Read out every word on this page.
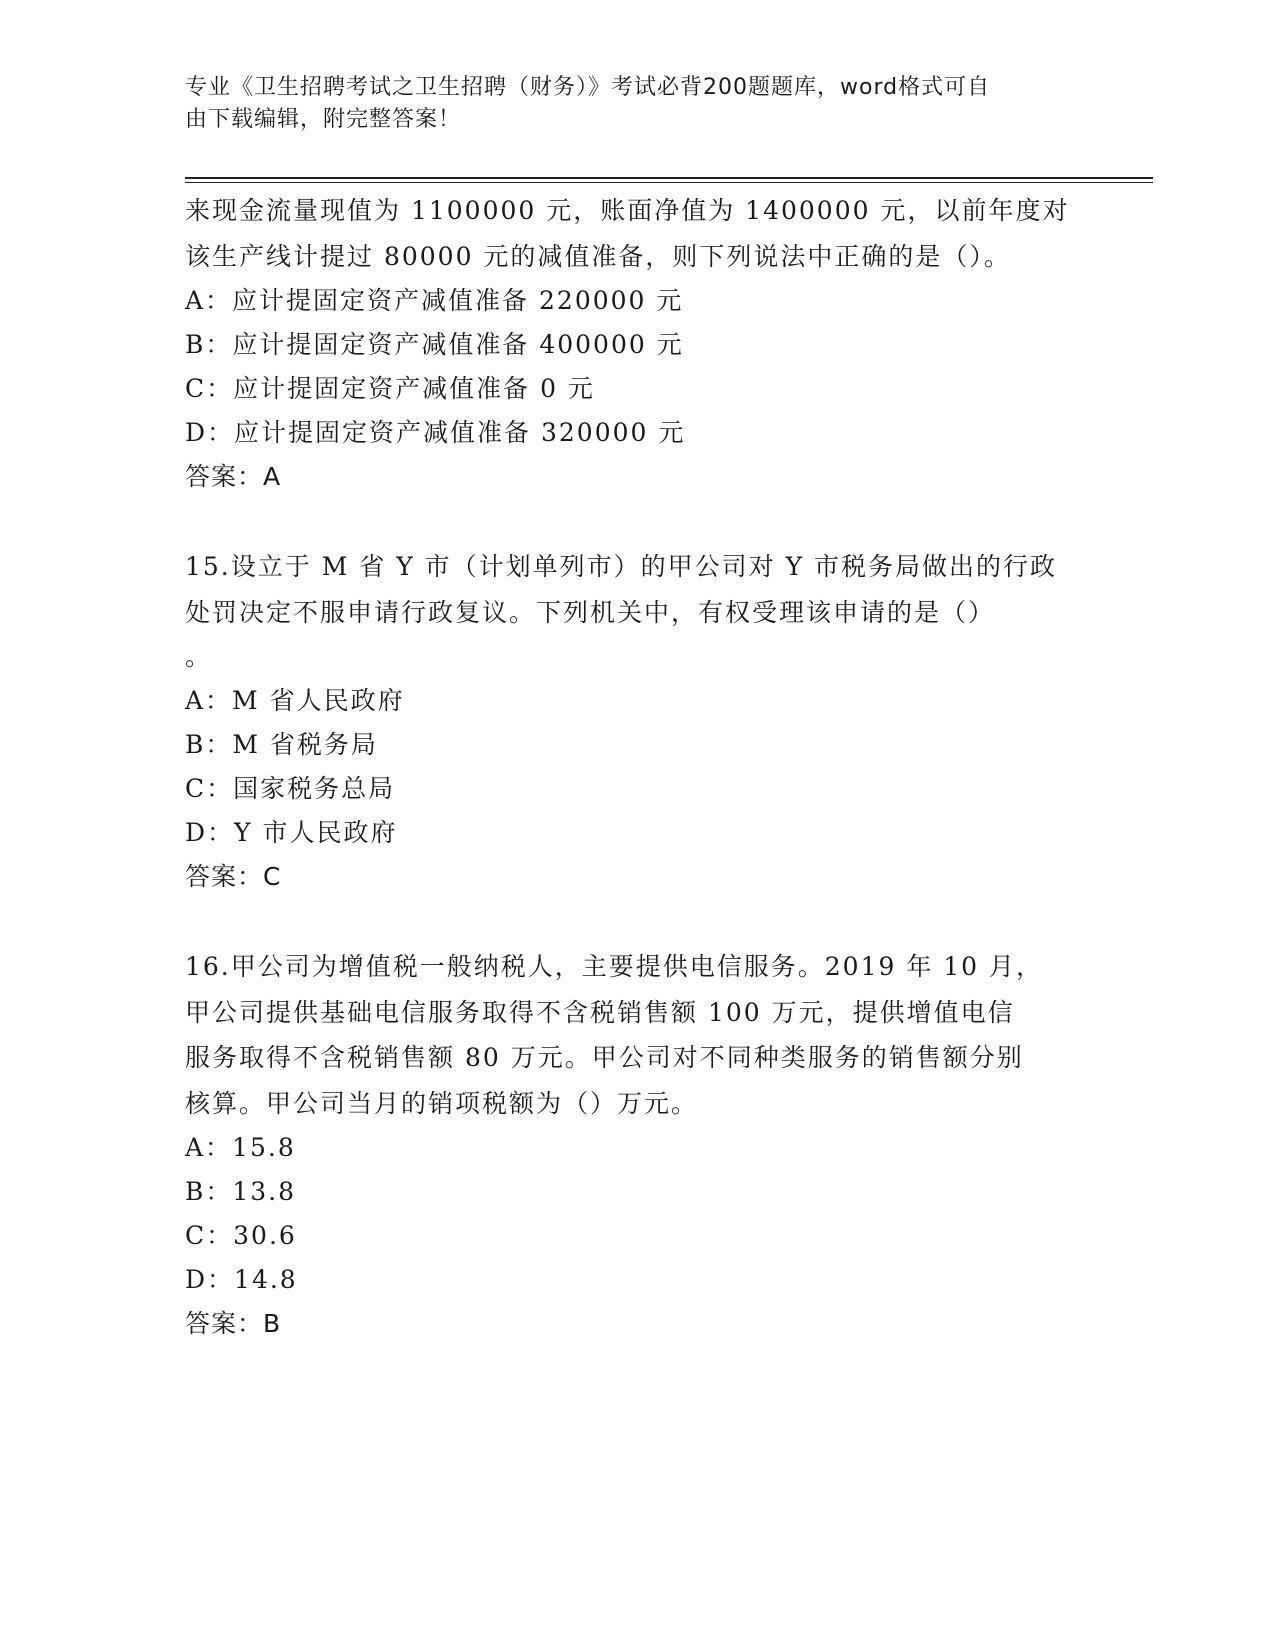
专业《卫生招聘考试之卫生招聘（财务）》考试必背200题题库，word格式可自
由下载编辑，附完整答案！
来现金流量现值为 1100000 元，账面净值为 1400000 元，以前年度对
该生产线计提过 80000 元的减值准备，则下列说法中正确的是（）。
A：应计提固定资产减值准备 220000 元
B：应计提固定资产减值准备 400000 元
C：应计提固定资产减值准备 0 元
D：应计提固定资产减值准备 320000 元
答案：A
15.设立于 M 省 Y 市（计划单列市）的甲公司对 Y 市税务局做出的行政
处罚决定不服申请行政复议。下列机关中，有权受理该申请的是（）
。
A：M 省人民政府
B：M 省税务局
C：国家税务总局
D：Y 市人民政府
答案：C
16.甲公司为增值税一般纳税人，主要提供电信服务。2019 年 10 月，
甲公司提供基础电信服务取得不含税销售额 100 万元，提供增值电信
服务取得不含税销售额 80 万元。甲公司对不同种类服务的销售额分别
核算。甲公司当月的销项税额为（）万元。
A：15.8
B：13.8
C：30.6
D：14.8
答案：B
